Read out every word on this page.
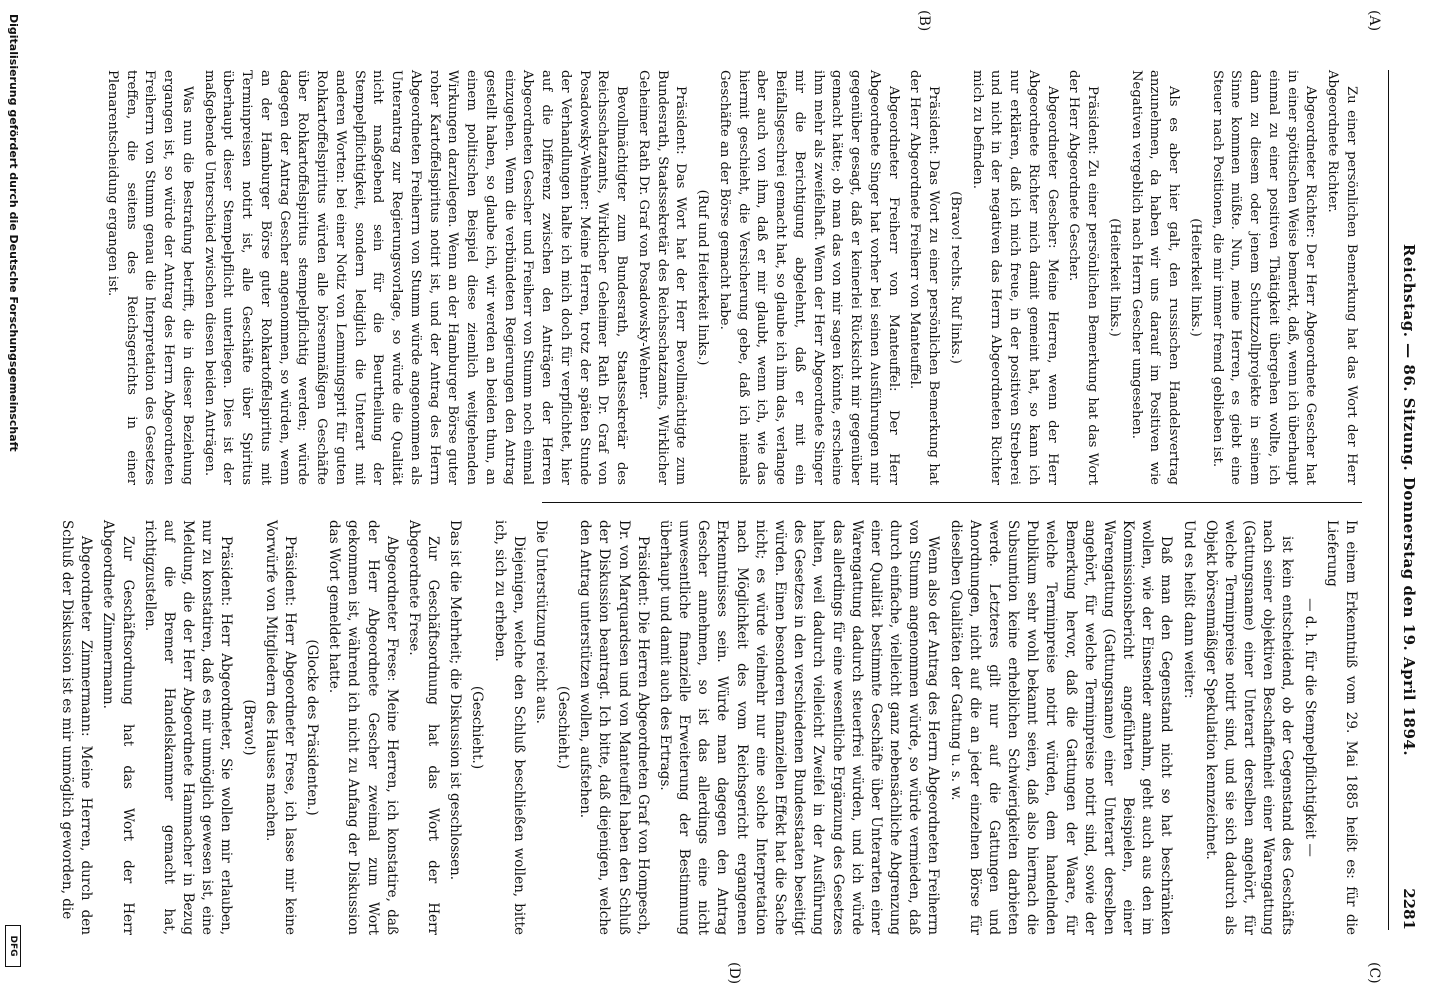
Reichstag. — 86. Sitzung. Donnerstag den 19. April 1894.
2281
(A)
(B)
(C)
(D)

Zu einer persönlichen Bemerkung hat das Wort der Herr Abgeordnete Richter.

Abgeordneter Richter: Der Herr Abgeordnete Gescher hat in einer spöttischen Weise bemerkt, daß, wenn ich überhaupt einmal zu einer positiven Thätigkeit übergehen wollte, ich dann zu diesem oder jenem Schutzzollprojekte in seinem Sinne kommen müßte. Nun, meine Herren, es giebt eine Steuer nach Positionen, die mir immer fremd geblieben ist.

(Heiterkeit links.)

Als es aber hier galt, den russischen Handelsvertrag anzunehmen, da haben wir uns darauf im Positiven wie Negativen vergeblich nach Herrn Gescher umgesehen.

(Heiterkeit links.)

Präsident: Zu einer persönlichen Bemerkung hat das Wort der Herr Abgeordnete Gescher.

Abgeordneter Gescher: Meine Herren, wenn der Herr Abgeordnete Richter mich damit gemeint hat, so kann ich nur erklären, daß ich mich freue, in der positiven Streberei und nicht in der negativen das Herrn Abgeordneten Richter mich zu befinden.

(Bravo! rechts. Ruf links.)

Präsident: Das Wort zu einer persönlichen Bemerkung hat der Herr Abgeordnete Freiherr von Manteuffel.

Abgeordneter Freiherr von Manteuffel: Der Herr Abgeordnete Singer hat vorher bei seinen Ausführungen mir gegenüber gesagt, daß er keinerlei Rücksicht mir gegenüber gemacht hätte; ob man das von mir sagen könnte, erscheine ihm mehr als zweifelhaft. Wenn der Herr Abgeordnete Singer mir die Berichtigung abgelehnt, daß er mit ein Beifallsgeschrei gemacht hat, so glaube ich ihm das, verlange aber auch von ihm, daß er mir glaubt, wenn ich, wie das hiermit geschieht, die Versicherung gebe, daß ich niemals Geschäfte an der Börse gemacht habe.

(Ruf und Heiterkeit links.)

Präsident: Das Wort hat der Herr Bevollmächtigte zum Bundesrath, Staatssekretär des Reichsschatzamts, Wirklicher Geheimer Rath Dr. Graf von Posadowsky-Wehner.

Bevollmächtigter zum Bundesrath, Staatssekretär des Reichsschatzamts, Wirklicher Geheimer Rath Dr. Graf von Posadowsky-Wehner: Meine Herren, trotz der späten Stunde der Verhandlungen halte ich mich doch für verpflichtet, hier auf die Differenz zwischen den Anträgen der Herren Abgeordneten Gescher und Freiherr von Stumm noch einmal einzugehen. Wenn die verbündeten Regierungen den Antrag gestellt haben, so glaube ich, wir werden an beiden thun, an einem politischen Beispiel diese ziemlich weitgehenden Wirkungen darzulegen. Wenn an der Hamburger Börse guter roher Kartoffelspiritus notirt ist, und der Antrag des Herrn Abgeordneten Freiherrn von Stumm würde angenommen als Unterantrag zur Regierungsvorlage, so würde die Qualität nicht maßgebend sein für die Beurtheilung der Stempelpflichtigkeit, sondern lediglich die Unterart mit anderen Worten: bei einer Notiz von Lemmingsprit für guten Rohkartoffelspiritus würden alle börsenmäßigen Geschäfte über Rohkartoffelspiritus stempelpflichtig werden; würde dagegen der Antrag Gescher angenommen, so würden, wenn an der Hamburger Börse guter Rohkartoffelspiritus mit Terminpreisen notirt ist, alle Geschäfte über Spiritus überhaupt dieser Stempelpflicht unterliegen. Dies ist der maßgebende Unterschied zwischen diesen beiden Anträgen.

Was nun die Bestrafung betrifft, die in dieser Beziehung ergangen ist, so würde der Antrag des Herrn Abgeordneten Freiherrn von Stumm genau die Interpretation des Gesetzes treffen, die seitens des Reichsgerichts in einer Plenarentscheidung ergangen ist.

In einem Erkenntniß vom 29. Mai 1885 heißt es: für die Lieferung

— d. h. für die Stempelpflichtigkeit —

ist kein entscheidend, ob der Gegenstand des Geschäfts nach seiner objektiven Beschaffenheit einer Warengattung (Gattungsname) einer Unterart derselben angehört, für welche Terminpreise notirt sind, und sie sich dadurch als Objekt börsenmäßiger Spekulation kennzeichnet.

Und es heißt dann weiter:

Daß man den Gegenstand nicht so hat beschränken wollen, wie der Einsender annahm, geht auch aus den im Kommissionsbericht angeführten Beispielen, einer Warengattung (Gattungsname) einer Unterart derselben angehört, für welche Terminpreise notirt sind, sowie der Bemerkung hervor, daß die Gattungen der Waare, für welche Terminpreise notirt würden, dem handelnden Publikum sehr wohl bekannt seien, daß also hiernach die Subsumtion keine erheblichen Schwierigkeiten darbieten werde. Letzteres gilt nur auf die Gattungen und Anordnungen, nicht auf die an jeder einzelnen Börse für dieselben Qualitäten der Gattung u. s. w.

Wenn also der Antrag des Herrn Abgeordneten Freiherrn von Stumm angenommen würde, so würde vermieden, daß durch einfache, vielleicht ganz nebensächliche Abgrenzung einer Qualität bestimmte Geschäfte über Unterarten einer Warengattung dadurch steuerfrei würden, und ich würde das allerdings für eine wesentliche Ergänzung des Gesetzes halten, weil dadurch vielleicht Zweifel in der Ausführung des Gesetzes in den verschiedenen Bundesstaaten beseitigt würden. Einen besonderen finanziellen Effekt hat die Sache nicht; es würde vielmehr nur eine solche Interpretation nach Möglichkeit des vom Reichsgericht ergangenen Erkenntnisses sein. Würde man dagegen den Antrag Gescher annehmen, so ist das allerdings eine nicht unwesentliche finanzielle Erweiterung der Bestimmung überhaupt und damit auch des Ertrags.

Präsident: Die Herren Abgeordneten Graf von Hompesch, Dr. von Marquardsen und von Manteuffel haben den Schluß der Diskussion beantragt. Ich bitte, daß diejenigen, welche den Antrag unterstützen wollen, aufstehen.

(Geschieht.)

Die Unterstützung reicht aus.

Diejenigen, welche den Schluß beschließen wollen, bitte ich, sich zu erheben.

(Geschieht.)

Das ist die Mehrheit; die Diskussion ist geschlossen.

Zur Geschäftsordnung hat das Wort der Herr Abgeordnete Frese.

Abgeordneter Frese: Meine Herren, ich konstatire, daß der Herr Abgeordnete Gescher zweimal zum Wort gekommen ist, während ich nicht zu Anfang der Diskussion das Wort gemeldet hatte.

(Glocke des Präsidenten.)

Präsident: Herr Abgeordneter Frese, ich lasse mir keine Vorwürfe von Mitgliedern des Hauses machen.

(Bravo!)

Präsident: Herr Abgeordneter, Sie wollen mir erlauben, nur zu konstatiren, daß es mir unmöglich gewesen ist, eine Meldung, die der Herr Abgeordnete Hammacher in Bezug auf die Bremer Handelskammer gemacht hat, richtigzustellen.

Zur Geschäftsordnung hat das Wort der Herr Abgeordnete Zimmermann.

Abgeordneter Zimmermann: Meine Herren, durch den Schluß der Diskussion ist es mir unmöglich geworden, die

Digitalisierung gefördert durch die Deutsche Forschungsgemeinschaft
DFG
